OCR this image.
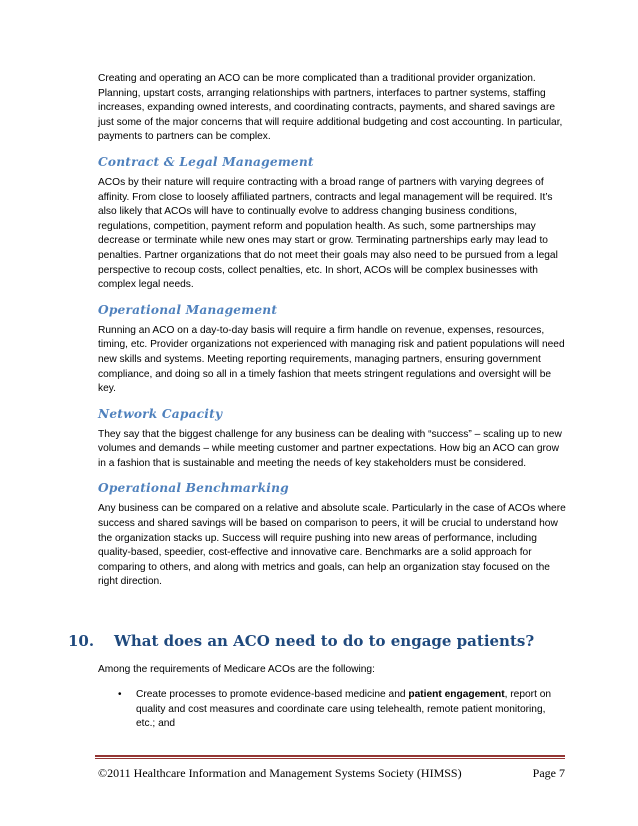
Creating and operating an ACO can be more complicated than a traditional provider organization. Planning, upstart costs, arranging relationships with partners, interfaces to partner systems, staffing increases, expanding owned interests, and coordinating contracts, payments, and shared savings are just some of the major concerns that will require additional budgeting and cost accounting. In particular, payments to partners can be complex.

Contract & Legal Management

ACOs by their nature will require contracting with a broad range of partners with varying degrees of affinity. From close to loosely affiliated partners, contracts and legal management will be required. It’s also likely that ACOs will have to continually evolve to address changing business conditions, regulations, competition, payment reform and population health. As such, some partnerships may decrease or terminate while new ones may start or grow. Terminating partnerships early may lead to penalties. Partner organizations that do not meet their goals may also need to be pursued from a legal perspective to recoup costs, collect penalties, etc. In short, ACOs will be complex businesses with complex legal needs.

Operational Management

Running an ACO on a day-to-day basis will require a firm handle on revenue, expenses, resources, timing, etc. Provider organizations not experienced with managing risk and patient populations will need new skills and systems. Meeting reporting requirements, managing partners, ensuring government compliance, and doing so all in a timely fashion that meets stringent regulations and oversight will be key.

Network Capacity

They say that the biggest challenge for any business can be dealing with “success” – scaling up to new volumes and demands – while meeting customer and partner expectations. How big an ACO can grow in a fashion that is sustainable and meeting the needs of key stakeholders must be considered.

Operational Benchmarking

Any business can be compared on a relative and absolute scale. Particularly in the case of ACOs where success and shared savings will be based on comparison to peers, it will be crucial to understand how the organization stacks up. Success will require pushing into new areas of performance, including quality-based, speedier, cost-effective and innovative care. Benchmarks are a solid approach for comparing to others, and along with metrics and goals, can help an organization stay focused on the right direction.

10.	What does an ACO need to do to engage patients?

Among the requirements of Medicare ACOs are the following:

• Create processes to promote evidence-based medicine and patient engagement, report on quality and cost measures and coordinate care using telehealth, remote patient monitoring, etc.; and
©2011 Healthcare Information and Management Systems Society (HIMSS)	Page 7
